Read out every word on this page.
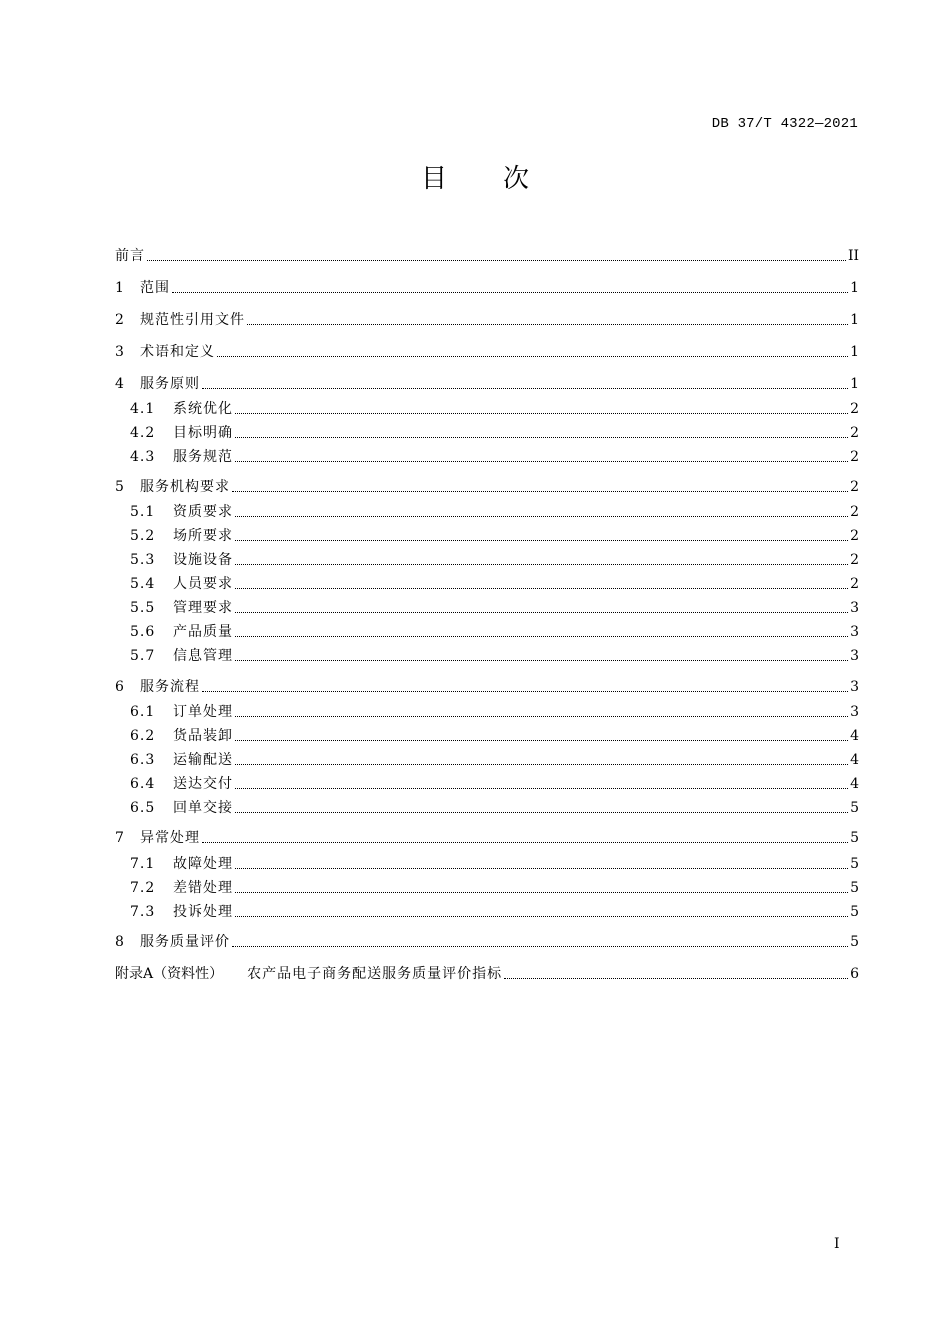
DB 37/T 4322—2021
目次
前言	II
1	范围	1
2	规范性引用文件	1
3	术语和定义	1
4	服务原则	1
4.1	系统优化	2
4.2	目标明确	2
4.3	服务规范	2
5	服务机构要求	2
5.1	资质要求	2
5.2	场所要求	2
5.3	设施设备	2
5.4	人员要求	2
5.5	管理要求	3
5.6	产品质量	3
5.7	信息管理	3
6	服务流程	3
6.1	订单处理	3
6.2	货品装卸	4
6.3	运输配送	4
6.4	送达交付	4
6.5	回单交接	5
7	异常处理	5
7.1	故障处理	5
7.2	差错处理	5
7.3	投诉处理	5
8	服务质量评价	5
附录A（资料性） 农产品电子商务配送服务质量评价指标	6
I
